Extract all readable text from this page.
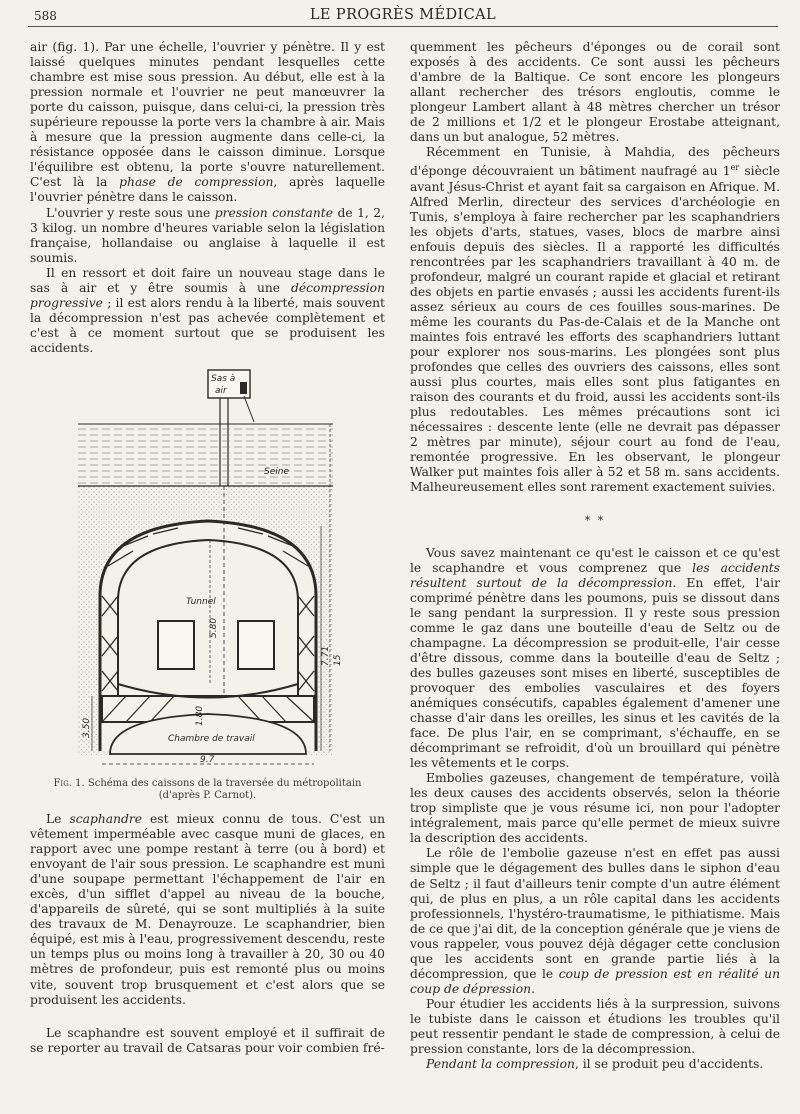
588	LE PROGRÈS MÉDICAL

air (fig. 1). Par une échelle, l'ouvrier y pénètre. Il y est laissé quelques minutes pendant lesquelles cette chambre est mise sous pression. Au début, elle est à la pression normale et l'ouvrier ne peut manœuvrer la porte du caisson, puisque, dans celui-ci, la pression très supérieure repousse la porte vers la chambre à air. Mais à mesure que la pression augmente dans celle-ci, la résistance opposée dans le caisson diminue. Lorsque l'équilibre est obtenu, la porte s'ouvre naturellement. C'est là la phase de compression, après laquelle l'ouvrier pénètre dans le caisson.

L'ouvrier y reste sous une pression constante de 1, 2, 3 kilog. un nombre d'heures variable selon la législation française, hollandaise ou anglaise à laquelle il est soumis.

Il en ressort et doit faire un nouveau stage dans le sas à air et y être soumis à une décompression progressive ; il est alors rendu à la liberté, mais souvent la décompression n'est pas achevée complètement et c'est à ce moment surtout que se produisent les accidents.

Sas à
air
Seine
Tunnel
Chambre de travail
5.80
7.71 15
1.80
3.50
9.7
Fig. 1. Schéma des caissons de la traversée du métropolitain
(d'après P. Carnot).

Le scaphandre est mieux connu de tous. C'est un vêtement imperméable avec casque muni de glaces, en rapport avec une pompe restant à terre (ou à bord) et envoyant de l'air sous pression. Le scaphandre est muni d'une soupape permettant l'échappement de l'air en excès, d'un sifflet d'appel au niveau de la bouche, d'appareils de sûreté, qui se sont multipliés à la suite des travaux de M. Denayrouze. Le scaphandrier, bien équipé, est mis à l'eau, progressivement descendu, reste un temps plus ou moins long à travailler à 20, 30 ou 40 mètres de profondeur, puis est remonté plus ou moins vite, souvent trop brusquement et c'est alors que se produisent les accidents.

Le scaphandre est souvent employé et il suffirait de se reporter au travail de Catsaras pour voir combien fré-

quemment les pêcheurs d'éponges ou de corail sont exposés à des accidents. Ce sont aussi les pêcheurs d'ambre de la Baltique. Ce sont encore les plongeurs allant rechercher des trésors engloutis, comme le plongeur Lambert allant à 48 mètres chercher un trésor de 2 millions et 1/2 et le plongeur Erostabe atteignant, dans un but analogue, 52 mètres.

Récemment en Tunisie, à Mahdia, des pêcheurs d'éponge découvraient un bâtiment naufragé au 1er siècle avant Jésus-Christ et ayant fait sa cargaison en Afrique. M. Alfred Merlin, directeur des services d'archéologie en Tunis, s'employa à faire rechercher par les scaphandriers les objets d'arts, statues, vases, blocs de marbre ainsi enfouis depuis des siècles. Il a rapporté les difficultés rencontrées par les scaphandriers travaillant à 40 m. de profondeur, malgré un courant rapide et glacial et retirant des objets en partie envasés ; aussi les accidents furent-ils assez sérieux au cours de ces fouilles sous-marines. De même les courants du Pas-de-Calais et de la Manche ont maintes fois entravé les efforts des scaphandriers luttant pour explorer nos sous-marins. Les plongées sont plus profondes que celles des ouvriers des caissons, elles sont aussi plus courtes, mais elles sont plus fatigantes en raison des courants et du froid, aussi les accidents sont-ils plus redoutables. Les mêmes précautions sont ici nécessaires : descente lente (elle ne devrait pas dépasser 2 mètres par minute), séjour court au fond de l'eau, remontée progressive. En les observant, le plongeur Walker put maintes fois aller à 52 et 58 m. sans accidents. Malheureusement elles sont rarement exactement suivies.

* *

Vous savez maintenant ce qu'est le caisson et ce qu'est le scaphandre et vous comprenez que les accidents résultent surtout de la décompression. En effet, l'air comprimé pénètre dans les poumons, puis se dissout dans le sang pendant la surpression. Il y reste sous pression comme le gaz dans une bouteille d'eau de Seltz ou de champagne. La décompression se produit-elle, l'air cesse d'être dissous, comme dans la bouteille d'eau de Seltz ; des bulles gazeuses sont mises en liberté, susceptibles de provoquer des embolies vasculaires et des foyers anémiques consécutifs, capables également d'amener une chasse d'air dans les oreilles, les sinus et les cavités de la face. De plus l'air, en se comprimant, s'échauffe, en se décomprimant se refroidit, d'où un brouillard qui pénètre les vêtements et le corps.

Embolies gazeuses, changement de température, voilà les deux causes des accidents observés, selon la théorie trop simpliste que je vous résume ici, non pour l'adopter intégralement, mais parce qu'elle permet de mieux suivre la description des accidents.

Le rôle de l'embolie gazeuse n'est en effet pas aussi simple que le dégagement des bulles dans le siphon d'eau de Seltz ; il faut d'ailleurs tenir compte d'un autre élément qui, de plus en plus, a un rôle capital dans les accidents professionnels, l'hystéro-traumatisme, le pithiatisme. Mais de ce que j'ai dit, de la conception générale que je viens de vous rappeler, vous pouvez déjà dégager cette conclusion que les accidents sont en grande partie liés à la décompression, que le coup de pression est en réalité un coup de dépression.

Pour étudier les accidents liés à la surpression, suivons le tubiste dans le caisson et étudions les troubles qu'il peut ressentir pendant le stade de compression, à celui de pression constante, lors de la décompression.

Pendant la compression, il se produit peu d'accidents.
